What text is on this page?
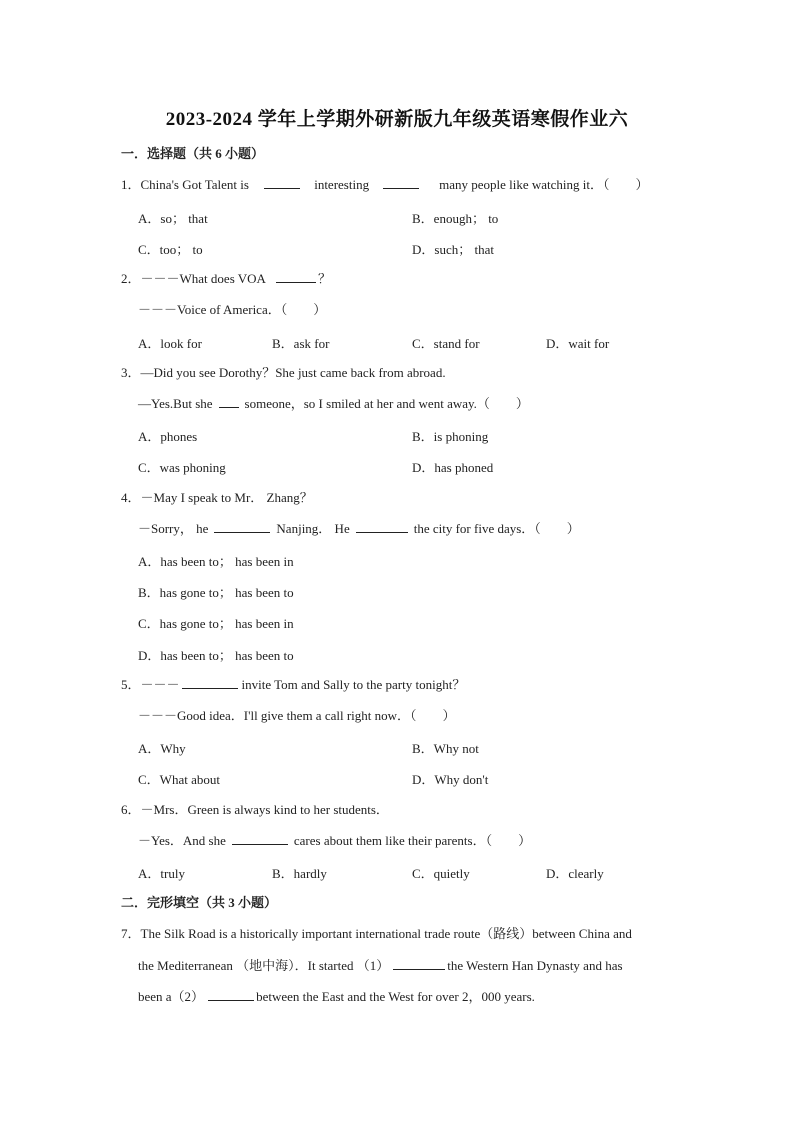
2023-2024 学年上学期外研新版九年级英语寒假作业六
一．选择题（共 6 小题）
1．China's Got Talent is	interesting	many people like watching it．（　　）
A．so； that	B．enough； to
C．too； to	D．such； that
2．－－－What does VOA	？
－－－Voice of America．（　　）
A．look for	B．ask for	C．stand for	D．wait for
3．—Did you see Dorothy？She just came back from abroad.
—Yes.But she someone，so I smiled at her and went away.（　　）
A．phones	B．is phoning
C．was phoning	D．has phoned
4．－May I speak to Mr． Zhang？
－Sorry， he	Nanjing． He	the city for five days．（　　）
A．has been to； has been in
B．has gone to； has been to
C．has gone to； has been in
D．has been to； has been to
5．－－－	invite Tom and Sally to the party tonight？
－－－Good idea．I'll give them a call right now．（　　）
A．Why	B．Why not
C．What about	D．Why don't
6．－Mrs．Green is always kind to her students．
－Yes．And she	cares about them like their parents．（　　）
A．truly	B．hardly	C．quietly	D．clearly
二．完形填空（共 3 小题）
7．The Silk Road is a historically important international trade route（路线）between China and
the Mediterranean （地中海）．It started （1）	the Western Han Dynasty and has
been a（2）	between the East and the West for over 2，000 years.
